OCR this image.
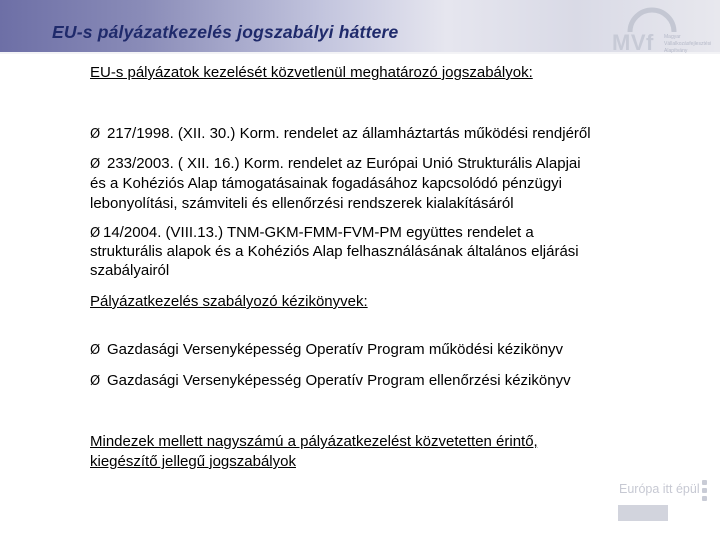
EU-s pályázatkezelés jogszabályi háttere	MVf Magyar
Vállalkozásfejlesztési
Alapítvány
EU-s pályázatok kezelését közvetlenül meghatározó jogszabályok:
Ø 217/1998. (XII. 30.) Korm. rendelet az államháztartás működési rendjéről
Ø 233/2003. ( XII. 16.) Korm. rendelet az Európai Unió Strukturális Alapjai
és a Kohéziós Alap támogatásainak fogadásához kapcsolódó pénzügyi
lebonyolítási, számviteli és ellenőrzési rendszerek kialakításáról
Ø 14/2004. (VIII.13.) TNM-GKM-FMM-FVM-PM együttes rendelet a
strukturális alapok és a Kohéziós Alap felhasználásának általános eljárási
szabályairól
Pályázatkezelés szabályozó kézikönyvek:
Ø Gazdasági Versenyképesség Operatív Program működési kézikönyv
Ø Gazdasági Versenyképesség Operatív Program ellenőrzési kézikönyv
Mindezek mellett nagyszámú a pályázatkezelést közvetetten érintő,
kiegészítő jellegű jogszabályok
Európa itt épül
